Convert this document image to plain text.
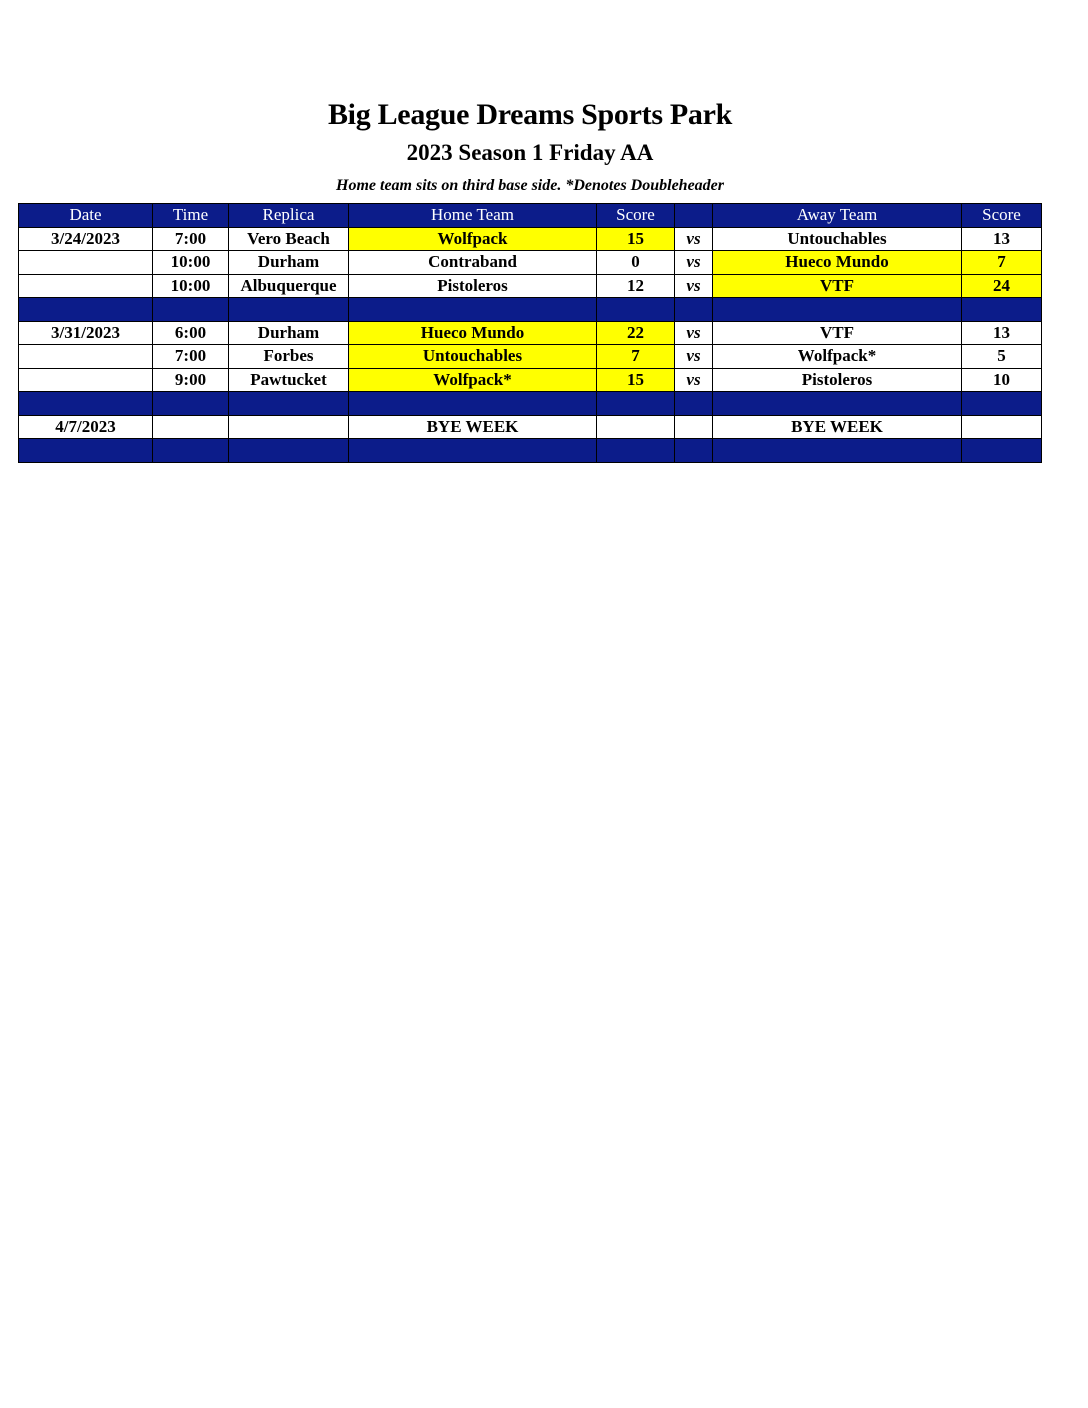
Big League Dreams Sports Park
2023 Season 1 Friday AA
Home team sits on third base side. *Denotes Doubleheader
Date	Time	Replica	Home Team	Score		Away Team	Score
3/24/2023	7:00	Vero Beach	Wolfpack	15	vs	Untouchables	13
	10:00	Durham	Contraband	0	vs	Hueco Mundo	7
	10:00	Albuquerque	Pistoleros	12	vs	VTF	24

3/31/2023	6:00	Durham	Hueco Mundo	22	vs	VTF	13
	7:00	Forbes	Untouchables	7	vs	Wolfpack*	5
	9:00	Pawtucket	Wolfpack*	15	vs	Pistoleros	10

4/7/2023			BYE WEEK			BYE WEEK	
